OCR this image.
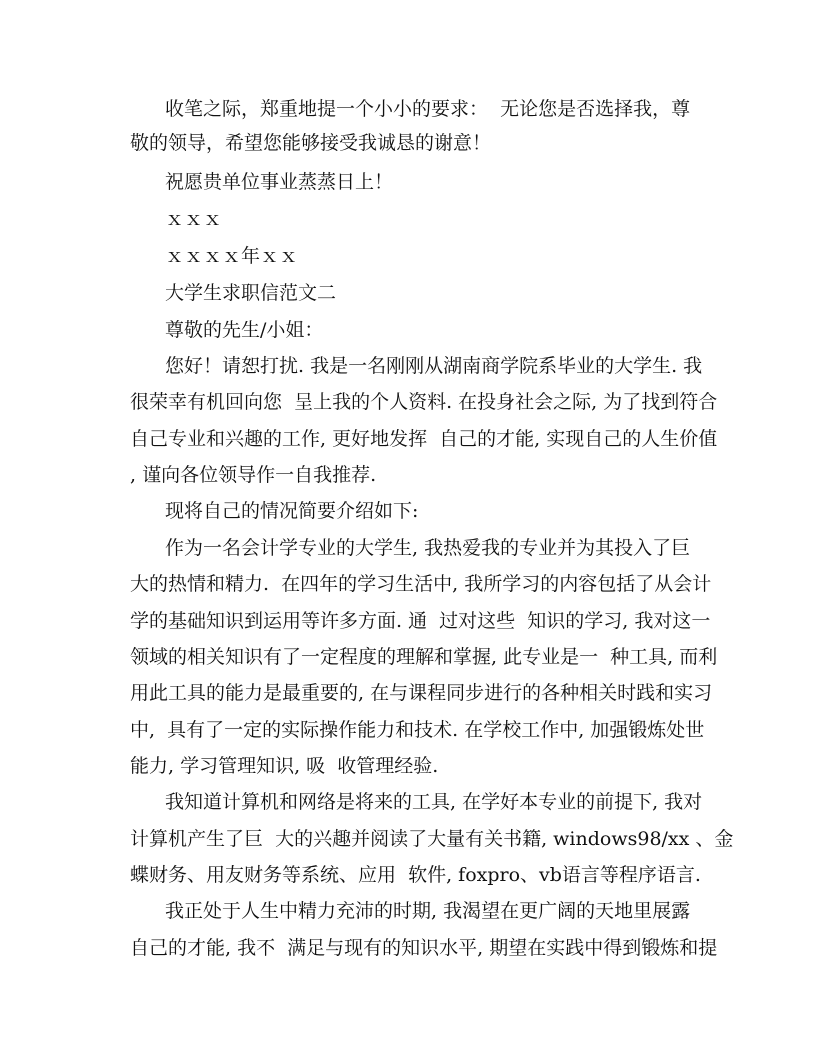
收笔之际，郑重地提一个小小的要求：  无论您是否选择我，尊
敬的领导，希望您能够接受我诚恳的谢意！
祝愿贵单位事业蒸蒸日上！
ｘｘｘ
ｘｘｘｘ年ｘｘ
大学生求职信范文二
尊敬的先生/小姐：
您好！请恕打扰. 我是一名刚刚从湖南商学院系毕业的大学生. 我
很荣幸有机回向您  呈上我的个人资料. 在投身社会之际, 为了找到符合
自己专业和兴趣的工作, 更好地发挥  自己的才能, 实现自己的人生价值
, 谨向各位领导作一自我推荐.
现将自己的情况简要介绍如下:
作为一名会计学专业的大学生, 我热爱我的专业并为其投入了巨
大的热情和精力.  在四年的学习生活中, 我所学习的内容包括了从会计
学的基础知识到运用等许多方面. 通  过对这些  知识的学习, 我对这一
领域的相关知识有了一定程度的理解和掌握, 此专业是一  种工具, 而利
用此工具的能力是最重要的, 在与课程同步进行的各种相关时践和实习
中,  具有了一定的实际操作能力和技术. 在学校工作中, 加强锻炼处世
能力, 学习管理知识, 吸  收管理经验.
我知道计算机和网络是将来的工具, 在学好本专业的前提下, 我对
计算机产生了巨  大的兴趣并阅读了大量有关书籍, windows98/xx 、金
蝶财务、用友财务等系统、应用  软件, foxpro、vb语言等程序语言.
我正处于人生中精力充沛的时期, 我渴望在更广阔的天地里展露
自己的才能, 我不  满足与现有的知识水平, 期望在实践中得到锻炼和提
